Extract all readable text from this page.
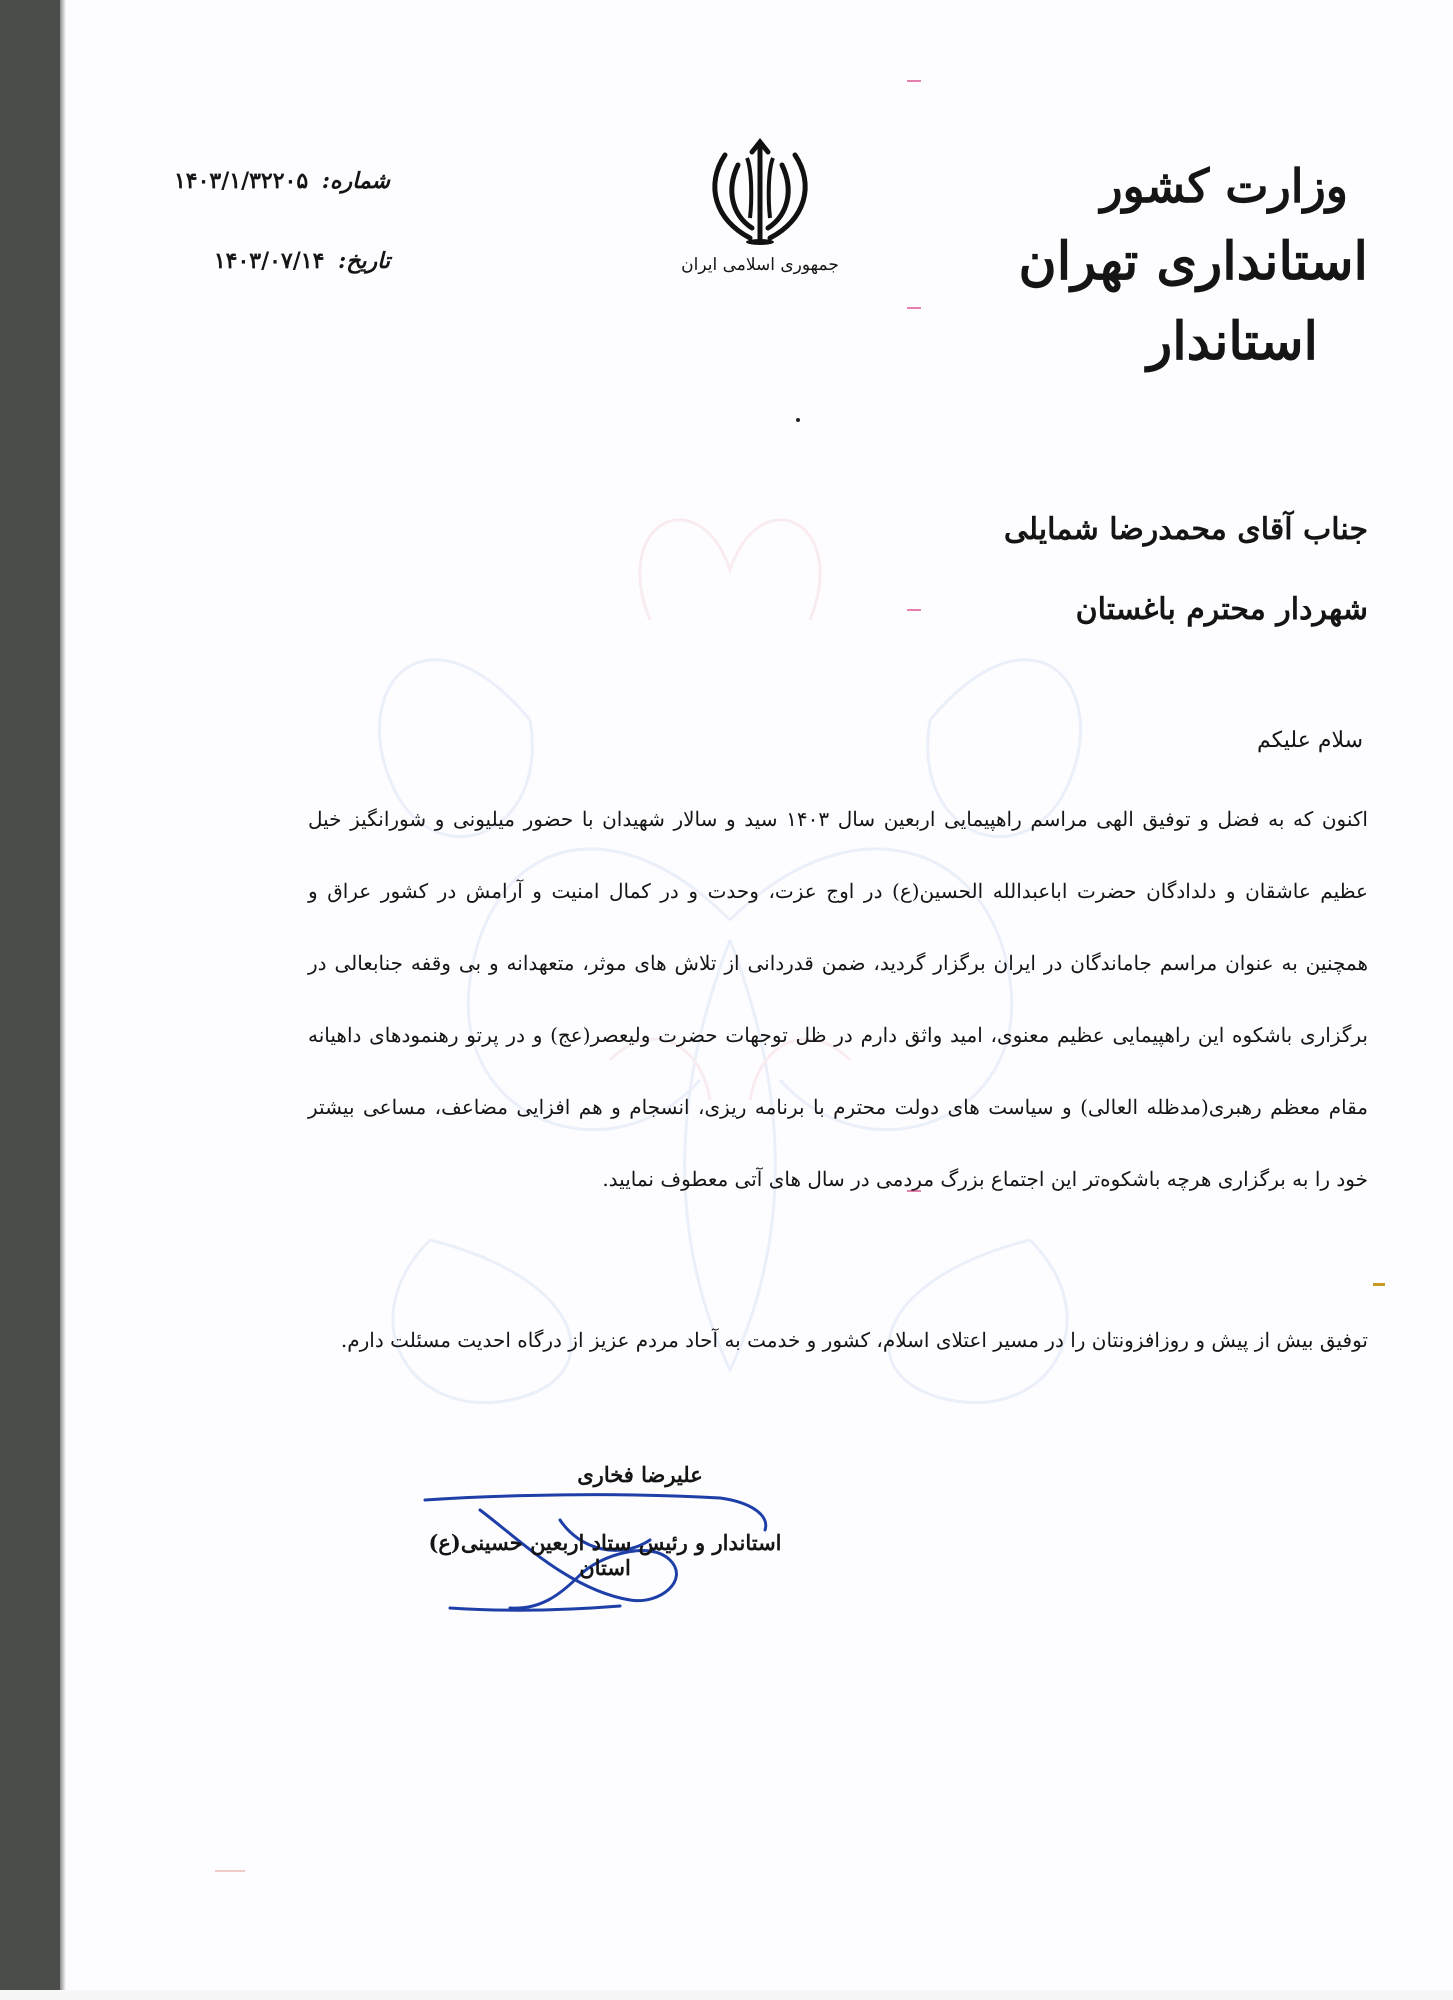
وزارت کشور
استانداری تهران
استاندار
جمهوری اسلامی ایران
شماره: ۱۴۰۳/۱/۳۲۲۰۵
تاریخ: ۱۴۰۳/۰۷/۱۴
جناب آقای محمدرضا شمایلی
شهردار محترم باغستان
سلام علیکم
اکنون که به فضل و توفیق الهی مراسم راهپیمایی اربعین سال ۱۴۰۳ سید و سالار شهیدان با حضور میلیونی و شورانگیز خیل عظیم عاشقان و دلدادگان حضرت اباعبدالله الحسین(ع) در اوج عزت، وحدت و در کمال امنیت و آرامش در کشور عراق و همچنین به عنوان مراسم جاماندگان در ایران برگزار گردید، ضمن قدردانی از تلاش های موثر، متعهدانه و بی وقفه جنابعالی در برگزاری باشکوه این راهپیمایی عظیم معنوی، امید واثق دارم در ظل توجهات حضرت ولیعصر(عج) و در پرتو رهنمودهای داهیانه مقام معظم رهبری(مدظله العالی) و سیاست های دولت محترم با برنامه ریزی، انسجام و هم افزایی مضاعف، مساعی بیشتر خود را به برگزاری هرچه باشکوه‌تر این اجتماع بزرگ مردمی در سال های آتی معطوف نمایید.
توفیق بیش از پیش و روزافزونتان را در مسیر اعتلای اسلام، کشور و خدمت به آحاد مردم عزیز از درگاه احدیت مسئلت دارم.
علیرضا فخاری
استاندار و رئیس ستاد اربعین حسینی(ع) استان
